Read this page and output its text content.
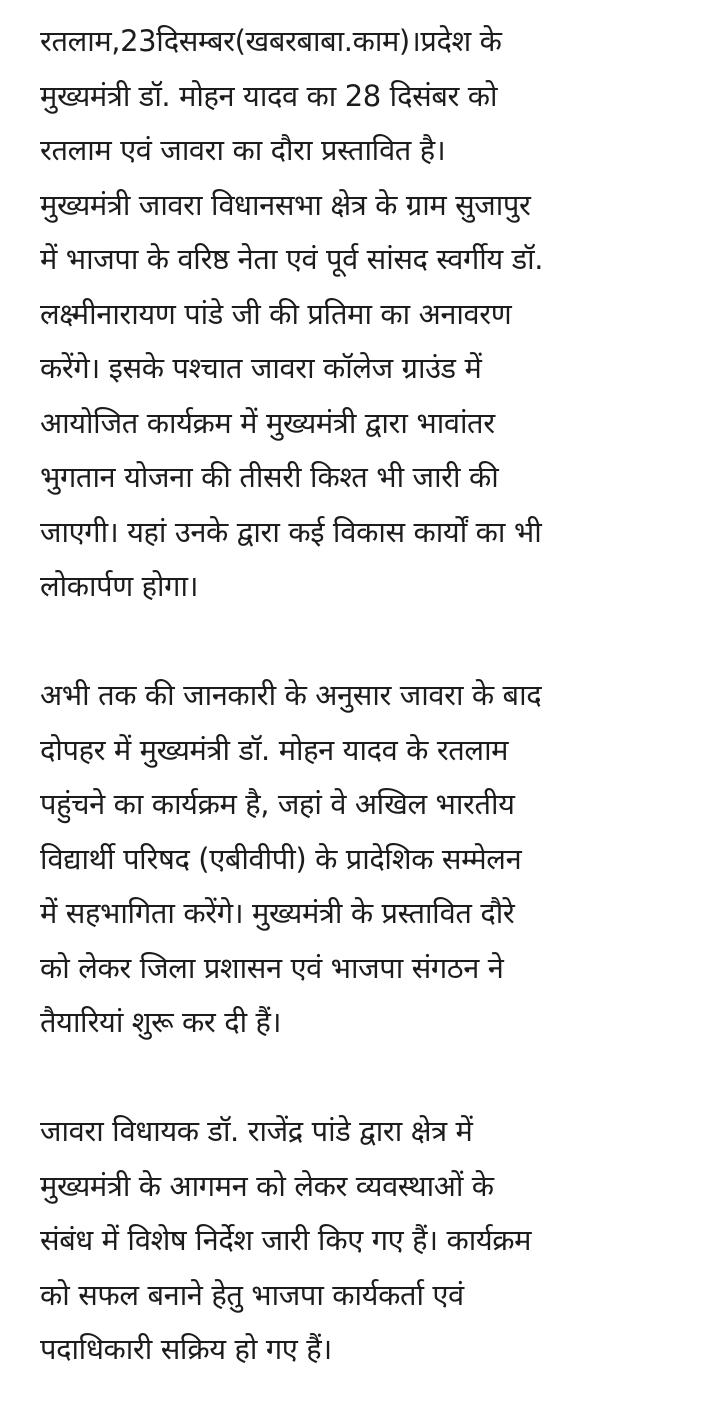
रतलाम,23दिसम्बर(खबरबाबा.काम)।प्रदेश के
मुख्यमंत्री डॉ. मोहन यादव का 28 दिसंबर को
रतलाम एवं जावरा का दौरा प्रस्तावित है।
मुख्यमंत्री जावरा विधानसभा क्षेत्र के ग्राम सुजापुर
में भाजपा के वरिष्ठ नेता एवं पूर्व सांसद स्वर्गीय डॉ.
लक्ष्मीनारायण पांडे जी की प्रतिमा का अनावरण
करेंगे। इसके पश्चात जावरा कॉलेज ग्राउंड में
आयोजित कार्यक्रम में मुख्यमंत्री द्वारा भावांतर
भुगतान योजना की तीसरी किश्त भी जारी की
जाएगी। यहां उनके द्वारा कई विकास कार्यों का भी
लोकार्पण होगा।

अभी तक की जानकारी के अनुसार जावरा के बाद
दोपहर में मुख्यमंत्री डॉ. मोहन यादव के रतलाम
पहुंचने का कार्यक्रम है, जहां वे अखिल भारतीय
विद्यार्थी परिषद (एबीवीपी) के प्रादेशिक सम्मेलन
में सहभागिता करेंगे। मुख्यमंत्री के प्रस्तावित दौरे
को लेकर जिला प्रशासन एवं भाजपा संगठन ने
तैयारियां शुरू कर दी हैं।

जावरा विधायक डॉ. राजेंद्र पांडे द्वारा क्षेत्र में
मुख्यमंत्री के आगमन को लेकर व्यवस्थाओं के
संबंध में विशेष निर्देश जारी किए गए हैं। कार्यक्रम
को सफल बनाने हेतु भाजपा कार्यकर्ता एवं
पदाधिकारी सक्रिय हो गए हैं।
